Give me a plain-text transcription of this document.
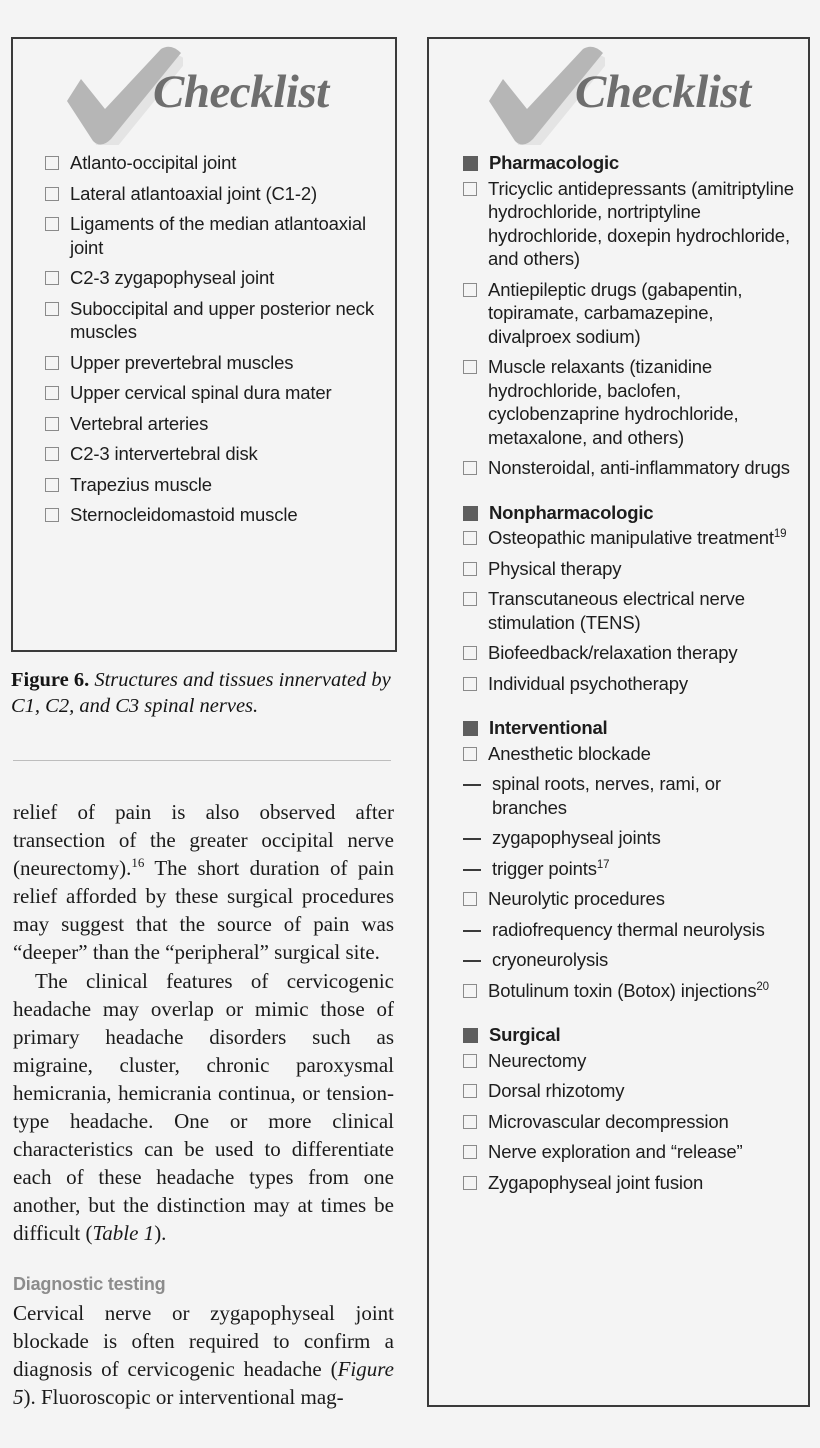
Checklist
Atlanto-occipital joint
Lateral atlantoaxial joint (C1-2)
Ligaments of the median atlantoaxial joint
C2-3 zygapophyseal joint
Suboccipital and upper posterior neck muscles
Upper prevertebral muscles
Upper cervical spinal dura mater
Vertebral arteries
C2-3 intervertebral disk
Trapezius muscle
Sternocleidomastoid muscle
Figure 6. Structures and tissues innervated by C1, C2, and C3 spinal nerves.

relief of pain is also observed after transection of the greater occipital nerve (neurectomy).$^{16}$ The short duration of pain relief afforded by these surgical procedures may suggest that the source of pain was “deeper” than the “peripheral” surgical site.

The clinical features of cervicogenic headache may overlap or mimic those of primary headache disorders such as migraine, cluster, chronic paroxysmal hemicrania, hemicrania continua, or tension-type headache. One or more clinical characteristics can be used to differentiate each of these headache types from one another, but the distinction may at times be difficult (Table 1).

Diagnostic testing

Cervical nerve or zygapophyseal joint blockade is often required to confirm a diagnosis of cervicogenic headache (Figure 5). Fluoroscopic or interventional mag-

Checklist
Pharmacologic
Tricyclic antidepressants (amitriptyline hydrochloride, nortriptyline hydrochloride, doxepin hydrochloride, and others)
Antiepileptic drugs (gabapentin, topiramate, carbamazepine, divalproex sodium)
Muscle relaxants (tizanidine hydrochloride, baclofen, cyclobenzaprine hydrochloride, metaxalone, and others)
Nonsteroidal, anti-inflammatory drugs
Nonpharmacologic
Osteopathic manipulative treatment$^{19}$
Physical therapy
Transcutaneous electrical nerve stimulation (TENS)
Biofeedback/relaxation therapy
Individual psychotherapy
Interventional
Anesthetic blockade
spinal roots, nerves, rami, or branches
zygapophyseal joints
trigger points$^{17}$
Neurolytic procedures
radiofrequency thermal neurolysis
cryoneurolysis
Botulinum toxin (Botox) injections$^{20}$
Surgical
Neurectomy
Dorsal rhizotomy
Microvascular decompression
Nerve exploration and “release”
Zygapophyseal joint fusion
